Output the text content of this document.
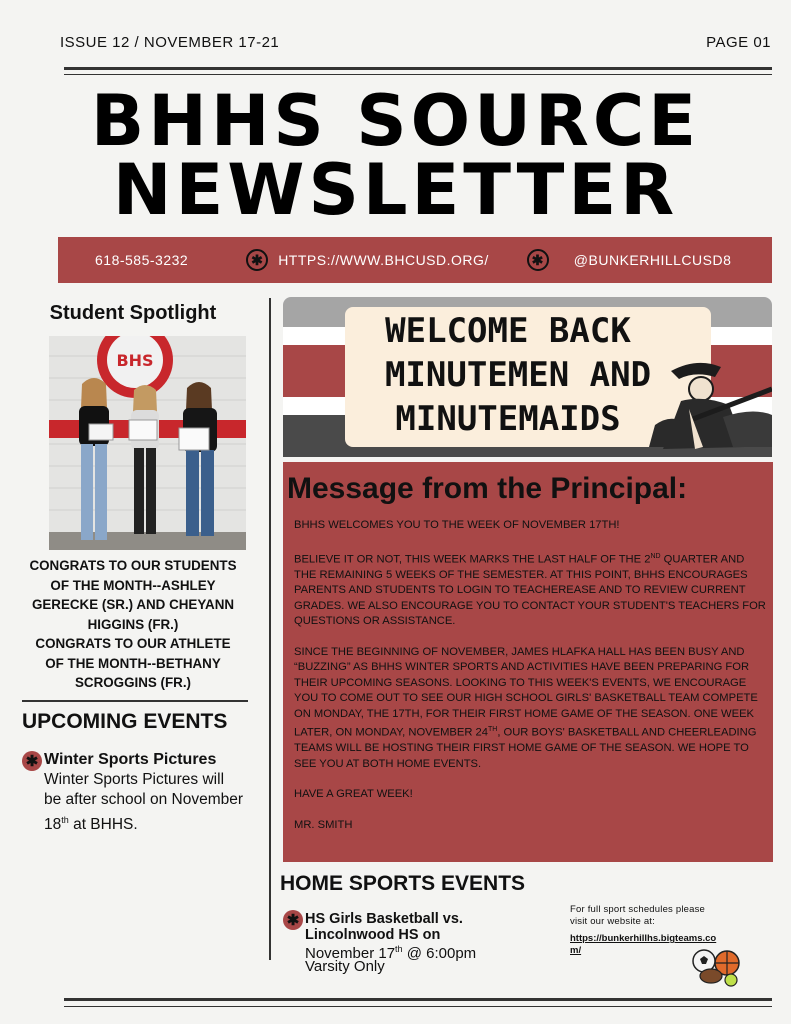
ISSUE 12 / NOVEMBER 17-21	PAGE 01
BHHS SOURCE
NEWSLETTER
618-585-3232	✱	HTTPS://WWW.BHCUSD.ORG/	✱	@BUNKERHILLCUSD8
Student Spotlight
BHS
CONGRATS TO OUR STUDENTS OF THE MONTH--ASHLEY GERECKE (SR.) AND CHEYANN HIGGINS (FR.)
CONGRATS TO OUR ATHLETE OF THE MONTH--BETHANY SCROGGINS (FR.)
UPCOMING EVENTS
✱ Winter Sports Pictures
Winter Sports Pictures will be after school on November 18th at BHHS.
WELCOME BACK
MINUTEMEN AND
MINUTEMAIDS
Message from the Principal:

BHHS WELCOMES YOU TO THE WEEK OF NOVEMBER 17TH!

BELIEVE IT OR NOT, THIS WEEK MARKS THE LAST HALF OF THE 2ND QUARTER AND THE REMAINING 5 WEEKS OF THE SEMESTER. AT THIS POINT, BHHS ENCOURAGES PARENTS AND STUDENTS TO LOGIN TO TEACHEREASE AND TO REVIEW CURRENT GRADES. WE ALSO ENCOURAGE YOU TO CONTACT YOUR STUDENT'S TEACHERS FOR QUESTIONS OR ASSISTANCE.

SINCE THE BEGINNING OF NOVEMBER, JAMES HLAFKA HALL HAS BEEN BUSY AND “BUZZING” AS BHHS WINTER SPORTS AND ACTIVITIES HAVE BEEN PREPARING FOR THEIR UPCOMING SEASONS. LOOKING TO THIS WEEK'S EVENTS, WE ENCOURAGE YOU TO COME OUT TO SEE OUR HIGH SCHOOL GIRLS' BASKETBALL TEAM COMPETE ON MONDAY, THE 17TH, FOR THEIR FIRST HOME GAME OF THE SEASON. ONE WEEK LATER, ON MONDAY, NOVEMBER 24TH, OUR BOYS' BASKETBALL AND CHEERLEADING TEAMS WILL BE HOSTING THEIR FIRST HOME GAME OF THE SEASON. WE HOPE TO SEE YOU AT BOTH HOME EVENTS.

HAVE A GREAT WEEK!

MR. SMITH

HOME SPORTS EVENTS
✱ HS Girls Basketball vs. Lincolnwood HS on
November 17th @ 6:00pm
Varsity Only
For full sport schedules please visit our website at:
https://bunkerhillhs.bigteams.com/
